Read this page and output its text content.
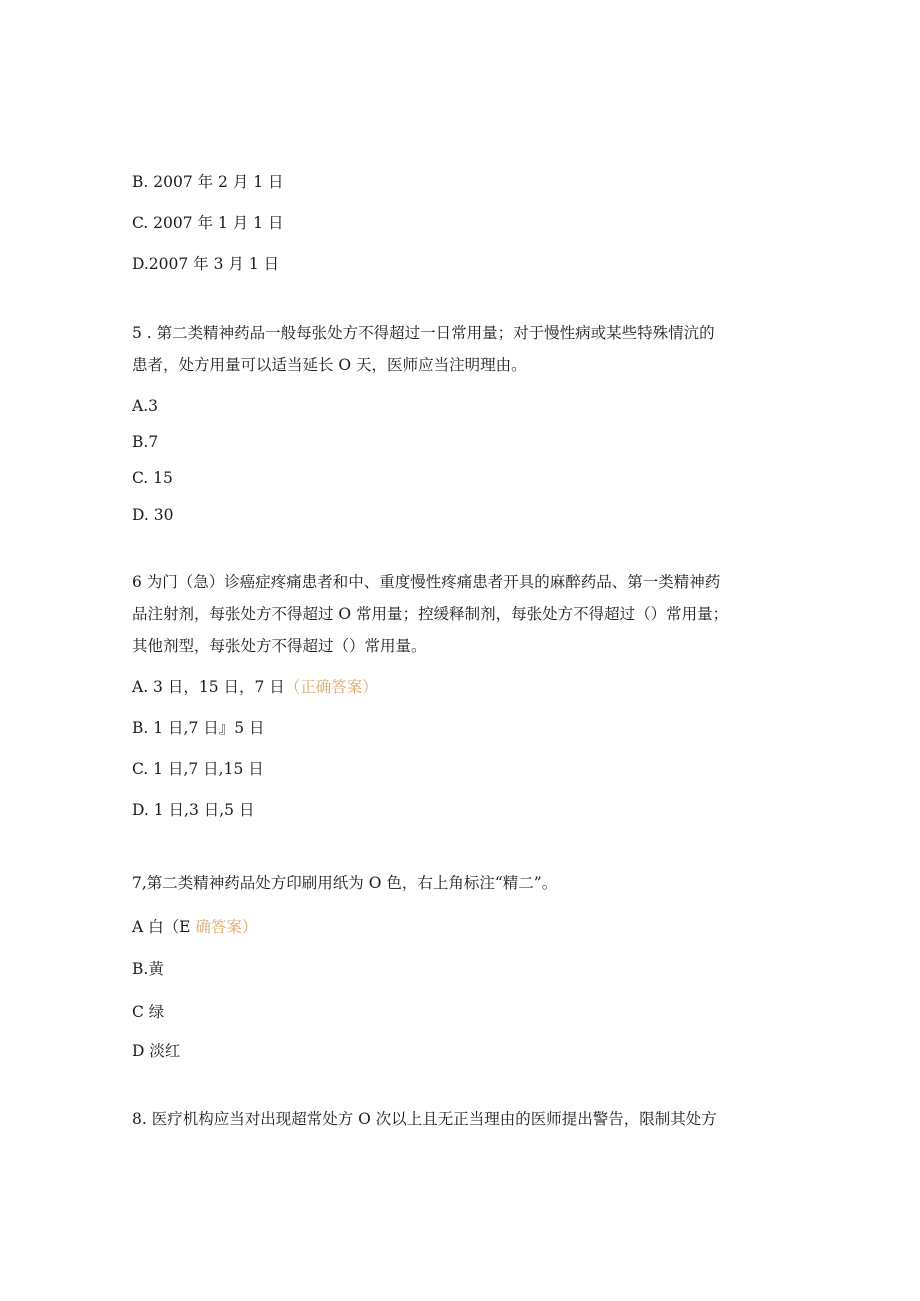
B. 2007 年 2 月 1 日
C. 2007 年 1 月 1 日
D.2007 年 3 月 1 日
5 . 第二类精神药品一般每张处方不得超过一日常用量；对于慢性病或某些特殊情沆的
患者，处方用量可以适当延长 O 天，医师应当注明理由。
A.3
B.7
C. 15
D. 30
6 为门（急）诊癌症疼痛患者和中、重度慢性疼痛患者开具的麻醉药品、第一类精神药
品注射剂，每张处方不得超过 O 常用量；控缓释制剂，每张处方不得超过（）常用量；
其他剂型，每张处方不得超过（）常用量。
A. 3 日，15 日，7 日（正确答案）
B. 1 日,7 日』5 日
C. 1 日,7 日,15 日
D. 1 日,3 日,5 日
7,第二类精神药品处方印刷用纸为 O 色，右上角标注“精二”。
A 白（E 确答案）
B.黄
C 绿
D 淡红
8. 医疗机构应当对出现超常处方 O 次以上且无正当理由的医师提出警告，限制其处方
